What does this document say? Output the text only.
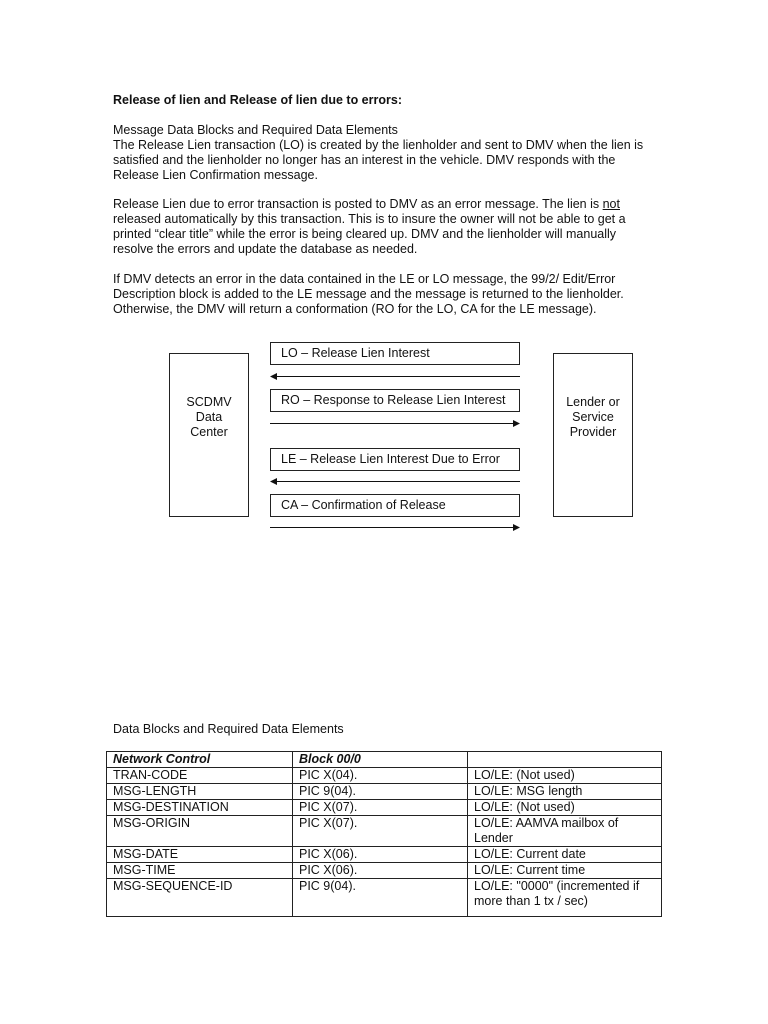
Release of lien and Release of lien due to errors:
Message Data Blocks and Required Data Elements
The Release Lien transaction (LO) is created by the lienholder and sent to DMV when the lien is
satisfied and the lienholder no longer has an interest in the vehicle. DMV responds with the
Release Lien Confirmation message.
Release Lien due to error transaction is posted to DMV as an error message. The lien is not
released automatically by this transaction. This is to insure the owner will not be able to get a
printed “clear title” while the error is being cleared up. DMV and the lienholder will manually
resolve the errors and update the database as needed.
If DMV detects an error in the data contained in the LE or LO message, the 99/2/ Edit/Error
Description block is added to the LE message and the message is returned to the lienholder.
Otherwise, the DMV will return a conformation (RO for the LO, CA for the LE message).
SCDMV
Data
Center
Lender or
Service
Provider
LO – Release Lien Interest
RO – Response to Release Lien Interest
LE – Release Lien Interest Due to Error
CA – Confirmation of Release
Data Blocks and Required Data Elements
Network Control	Block 00/0	
TRAN-CODE	PIC X(04).	LO/LE: (Not used)
MSG-LENGTH	PIC 9(04).	LO/LE: MSG length
MSG-DESTINATION	PIC X(07).	LO/LE: (Not used)
MSG-ORIGIN	PIC X(07).	LO/LE: AAMVA mailbox of Lender
MSG-DATE	PIC X(06).	LO/LE: Current date
MSG-TIME	PIC X(06).	LO/LE: Current time
MSG-SEQUENCE-ID	PIC 9(04).	LO/LE: "0000" (incremented if more than 1 tx / sec)
